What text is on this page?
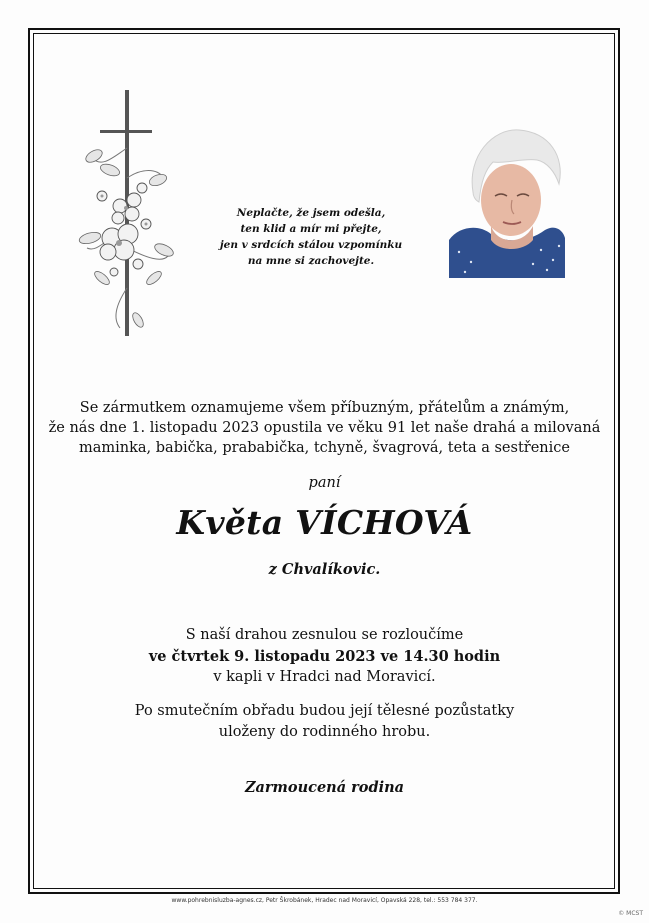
Neplačte, že jsem odešla,
ten klid a mír mi přejte,
jen v srdcích stálou vzpomínku
na mne si zachovejte.
Se zármutkem oznamujeme všem příbuzným, přátelům a známým,
že nás dne 1. listopadu 2023 opustila ve věku 91 let naše drahá a milovaná
maminka, babička, prababička, tchyně, švagrová, teta a sestřenice
paní
Květa VÍCHOVÁ
z Chvalíkovic.
S naší drahou zesnulou se rozloučíme
ve čtvrtek 9. listopadu 2023 ve 14.30 hodin
v kapli v Hradci nad Moravicí.
Po smutečním obřadu budou její tělesné pozůstatky
uloženy do rodinného hrobu.
Zarmoucená rodina
www.pohrebnisluzba-agnes.cz, Petr Škrobánek, Hradec nad Moravicí, Opavská 228, tel.: 553 784 377.
© MCST
